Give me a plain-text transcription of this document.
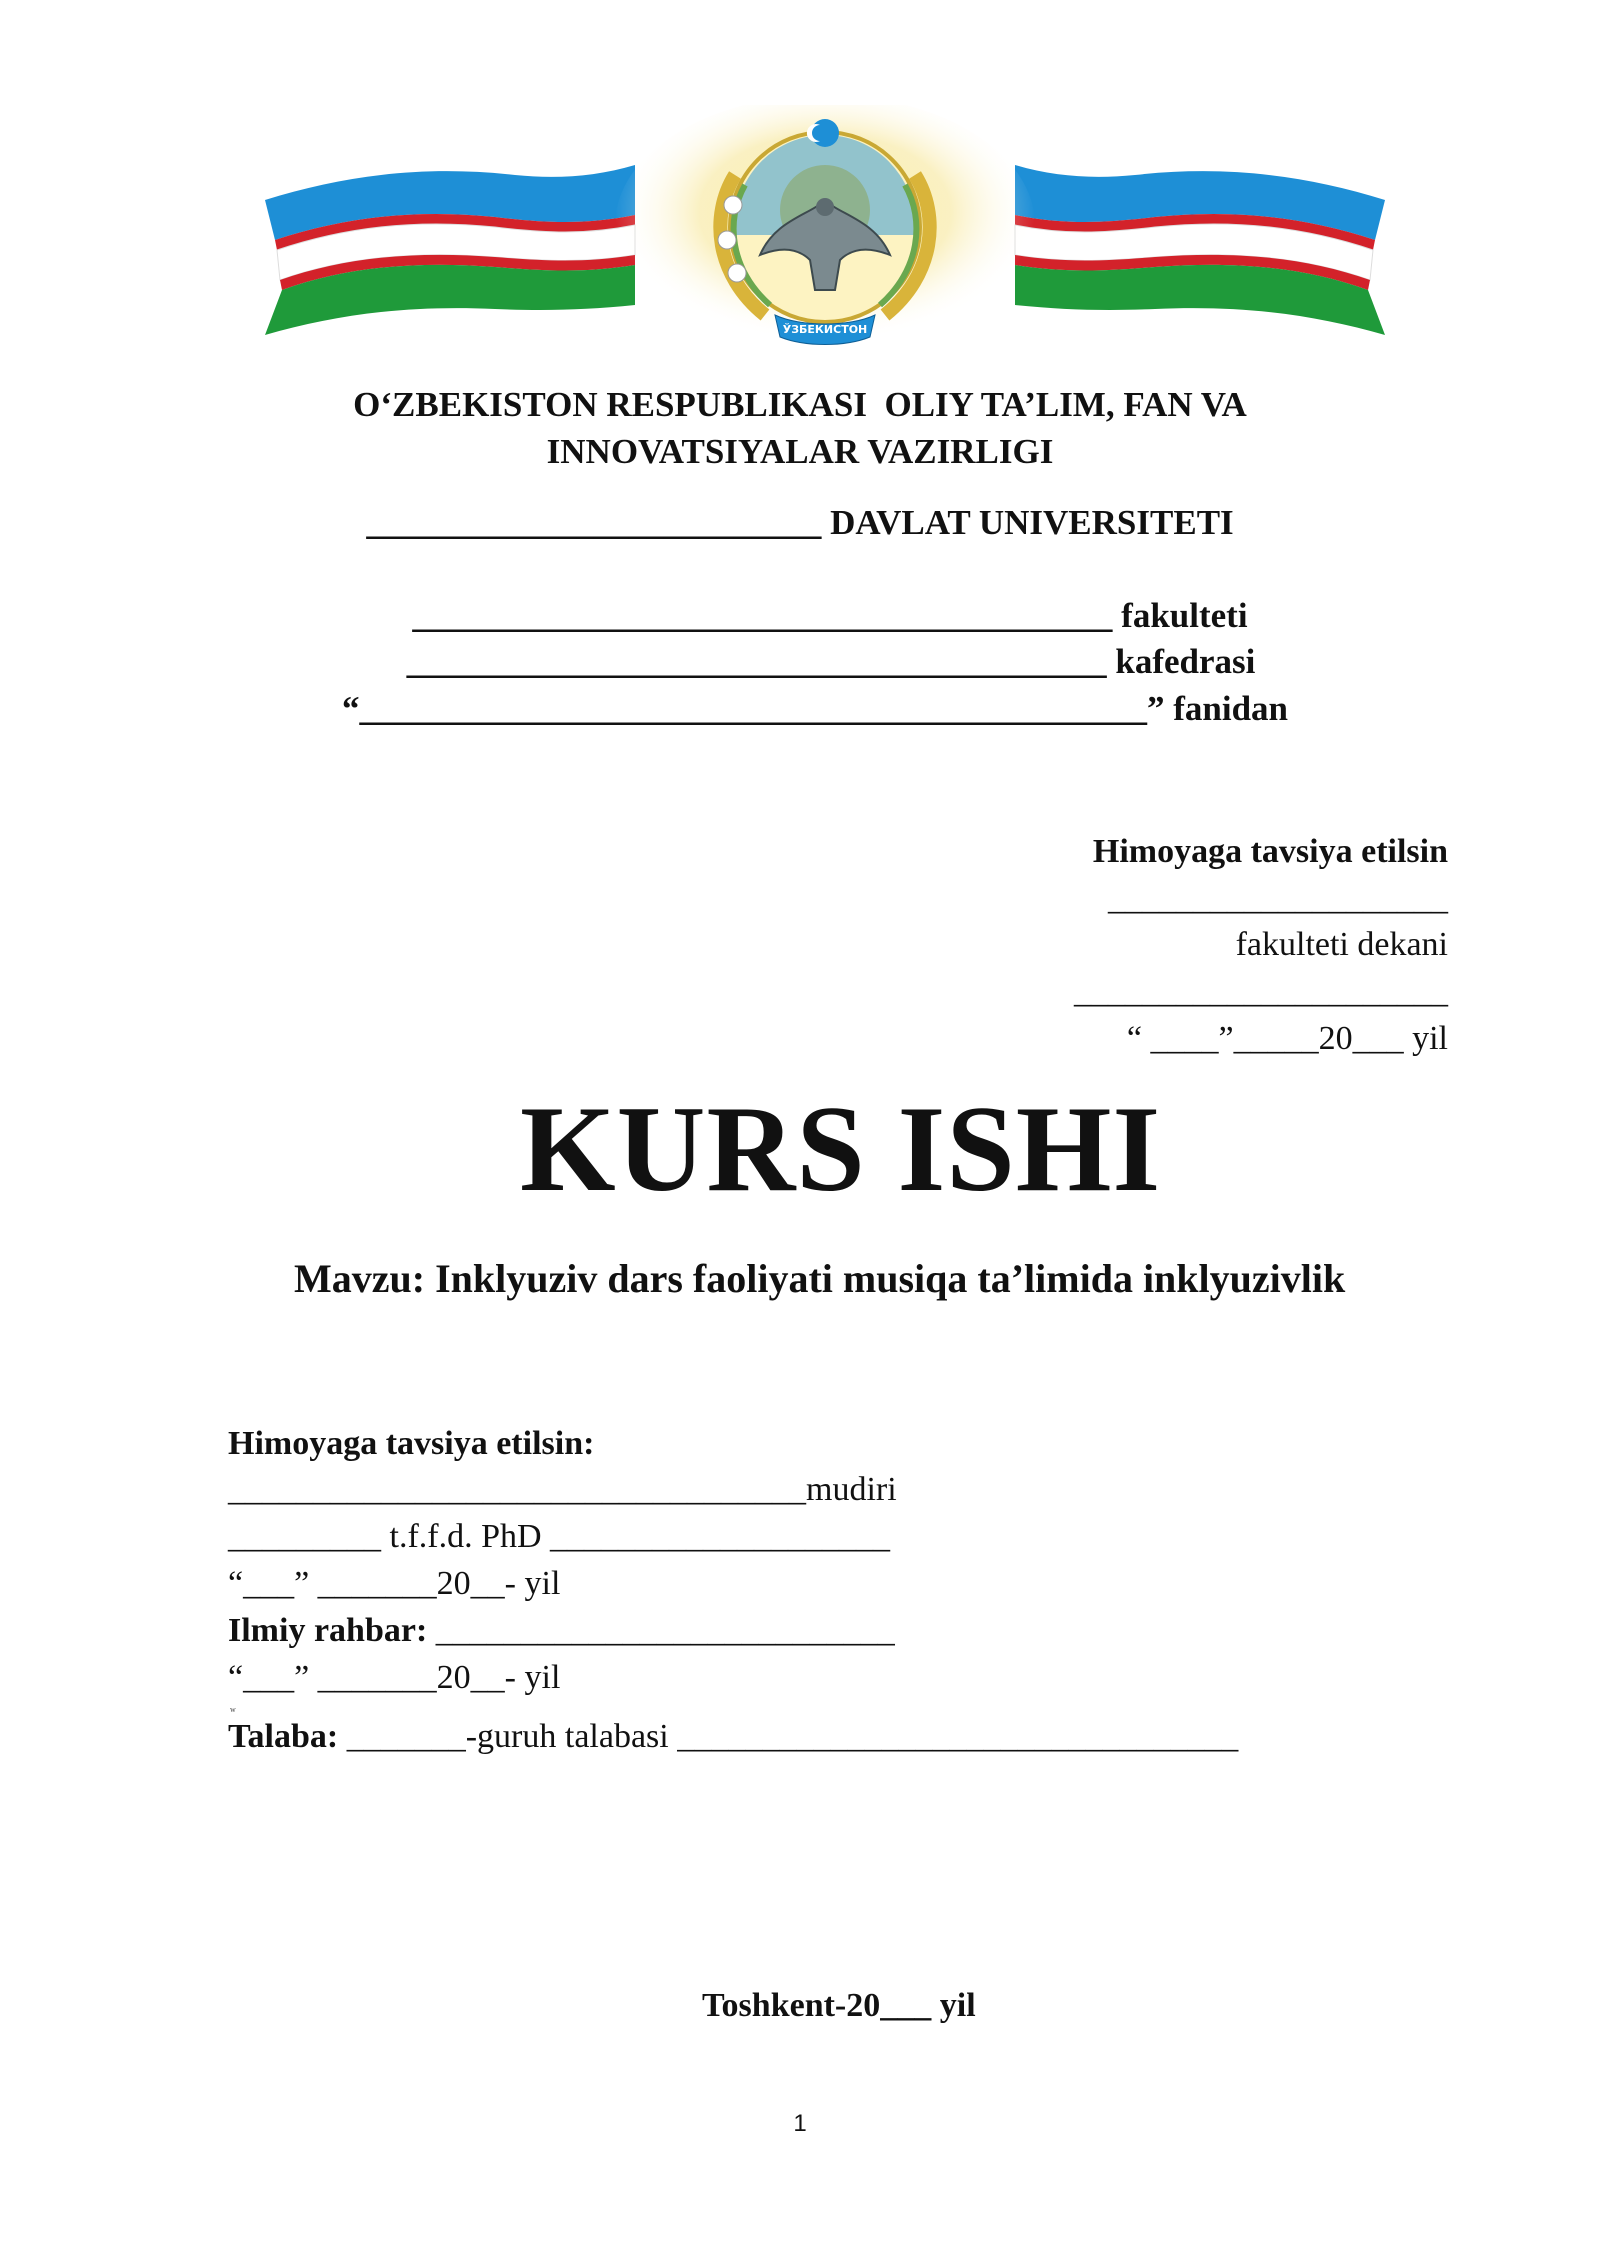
ЎЗБЕКИСТОН
O‘ZBEKISTON RESPUBLIKASI  OLIY TA’LIM, FAN VA
INNOVATSIYALAR VAZIRLIGI
__________________________ DAVLAT UNIVERSITETI
________________________________________ fakulteti
________________________________________ kafedrasi
“_____________________________________________” fanidan
Himoyaga tavsiya etilsin
____________________
fakulteti dekani
______________________
“ ____”_____20___ yil
KURS ISHI
Mavzu: Inklyuziv dars faoliyati musiqa ta’limida inklyuzivlik
Himoyaga tavsiya etilsin:
__________________________________mudiri
_________ t.f.f.d. PhD ____________________
“___” _______20__- yil
Ilmiy rahbar: ___________________________
“___” _______20__- yil
w
Talaba: _______-guruh talabasi _________________________________
Toshkent-20___ yil
1
